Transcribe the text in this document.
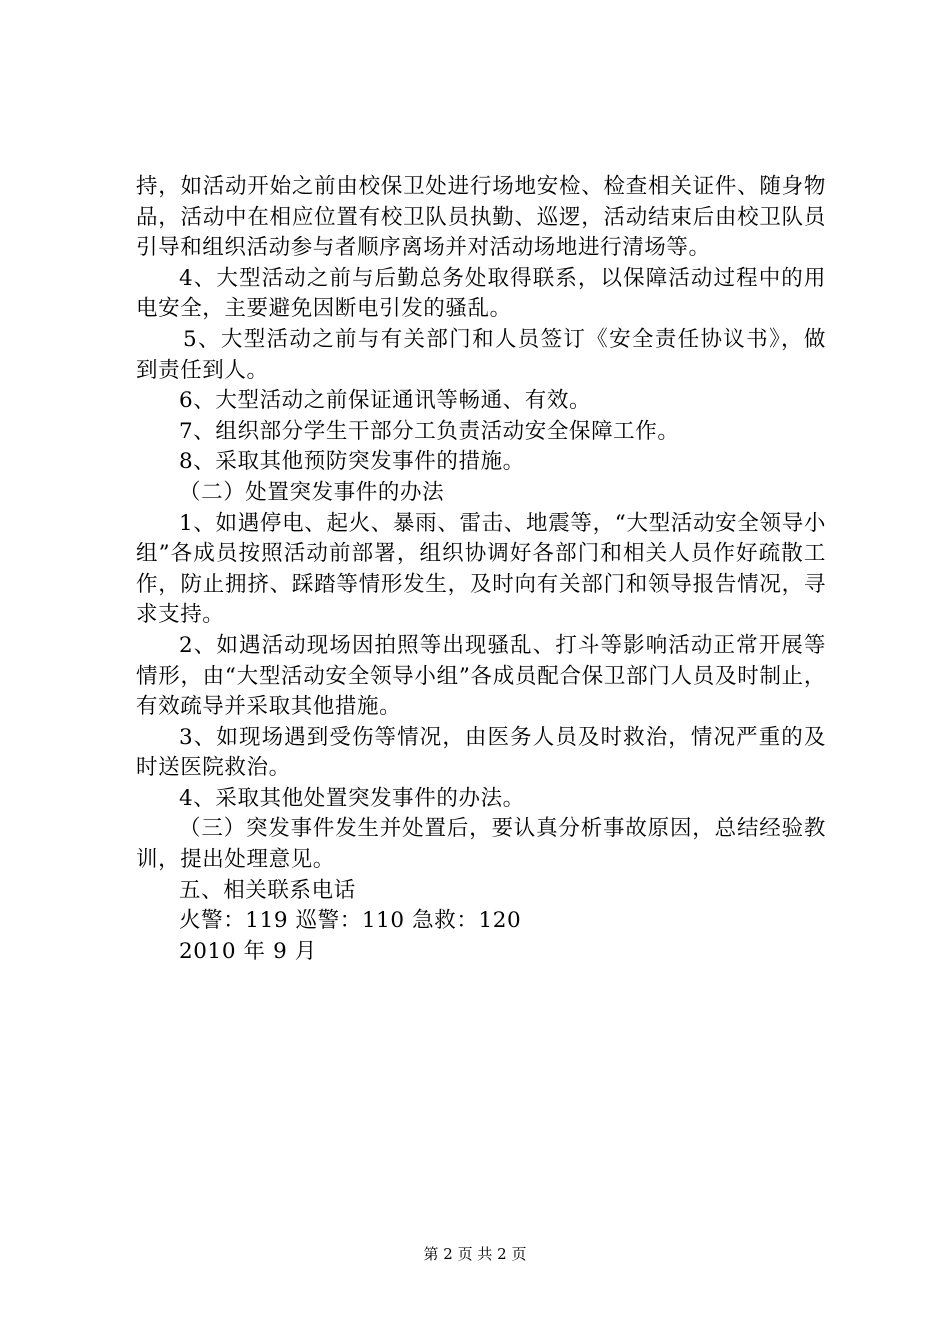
持，如活动开始之前由校保卫处进行场地安检、检查相关证件、随身物品，活动中在相应位置有校卫队员执勤、巡逻，活动结束后由校卫队员引导和组织活动参与者顺序离场并对活动场地进行清场等。

4、大型活动之前与后勤总务处取得联系，以保障活动过程中的用电安全，主要避免因断电引发的骚乱。

5、大型活动之前与有关部门和人员签订《安全责任协议书》，做到责任到人。

6、大型活动之前保证通讯等畅通、有效。

7、组织部分学生干部分工负责活动安全保障工作。

8、采取其他预防突发事件的措施。

（二）处置突发事件的办法

1、如遇停电、起火、暴雨、雷击、地震等，“大型活动安全领导小组”各成员按照活动前部署，组织协调好各部门和相关人员作好疏散工作，防止拥挤、踩踏等情形发生，及时向有关部门和领导报告情况，寻求支持。

2、如遇活动现场因拍照等出现骚乱、打斗等影响活动正常开展等情形，由“大型活动安全领导小组”各成员配合保卫部门人员及时制止，有效疏导并采取其他措施。

3、如现场遇到受伤等情况，由医务人员及时救治，情况严重的及时送医院救治。

4、采取其他处置突发事件的办法。

（三）突发事件发生并处置后，要认真分析事故原因，总结经验教训，提出处理意见。

五、相关联系电话

火警：119 巡警：110 急救：120

2010 年 9 月

第 2 页 共 2 页
